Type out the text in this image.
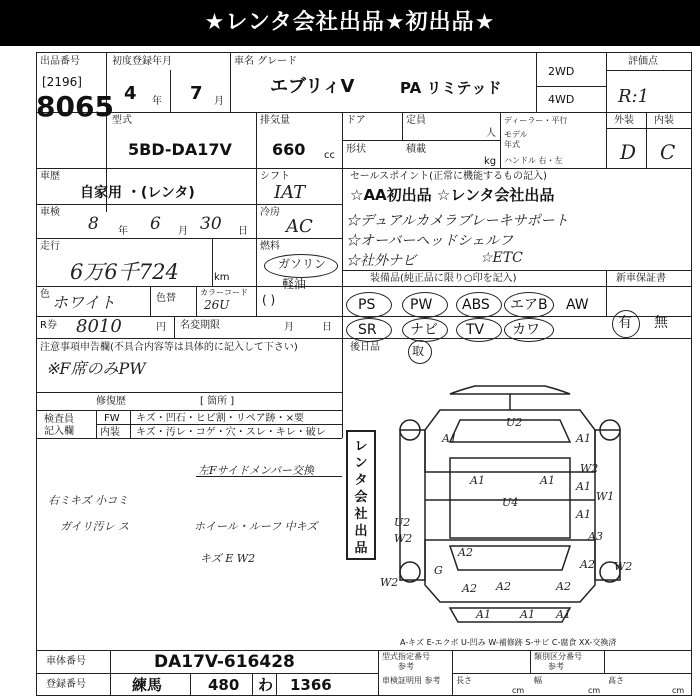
★レンタ会社出品★初出品★
出品番号
[2196]
8065
初度登録年月
4 年 7 月
車名 グレード
エブリィV	PA リミテッド
2WD
4WD
評価点
R:1
型式
5BD-DA17V
排気量
660 cc
ドア	定員
人
形状	積載
kg
ディーラー・平行
モデル 年式
ハンドル 右・左
外装
D
内装
C
車歴
自家用 ・(レンタ)
シフト
IAT
車検
8 年 6 月 30 日
冷房
AC
走行
6万6千724	km
燃料
ガソリン
軽油
( )
色 ホワイト	色替
カラーコード
26U
R券 8010	円 名変期限	月	日
セールスポイント(正常に機能するもの記入)
☆AA初出品 ☆レンタ会社出品
☆デュアルカメラブレーキサポート
☆オーバーヘッドシェルフ
☆社外ナビ	☆ETC
装備品(純正品に限り○印を記入)	新車保証書
PS PW ABS エアB AW
SR ナビ TV カワ	有 無
後日品	取
注意事項申告欄(不具合内容等は具体的に記入して下さい)
※F席のみPW
修復歴	[ 箇所 ]
検査員 記入欄
FW キズ・凹石・ヒビ割・リペア跡・×要
内装 キズ・汚レ・コゲ・穴・スレ・キレ・破レ
左Fサイドメンバー交換
右ミキズ 小コミ
ガイリ汚レ ス	ホイール・ルーフ 中キズ
キズ E W2
レンタ会社出品
A1	A1
U2
A1	A1
W2
A1
U4
U2
W2	A3
A1
A2
A2
A2	A2
A1	A1 A1
W2
G	W2
W1
A2
A-キズ E-エクボ U-凹み W-補修跡 S-サビ C-腐食 XX-交換済
車体番号	DA17V-616428
登録番号	練馬	480 わ 1366
型式指定番号
参考
類別区分番号
参考
車検証明用 参考	長さ
cm
幅
cm
高さ
cm
